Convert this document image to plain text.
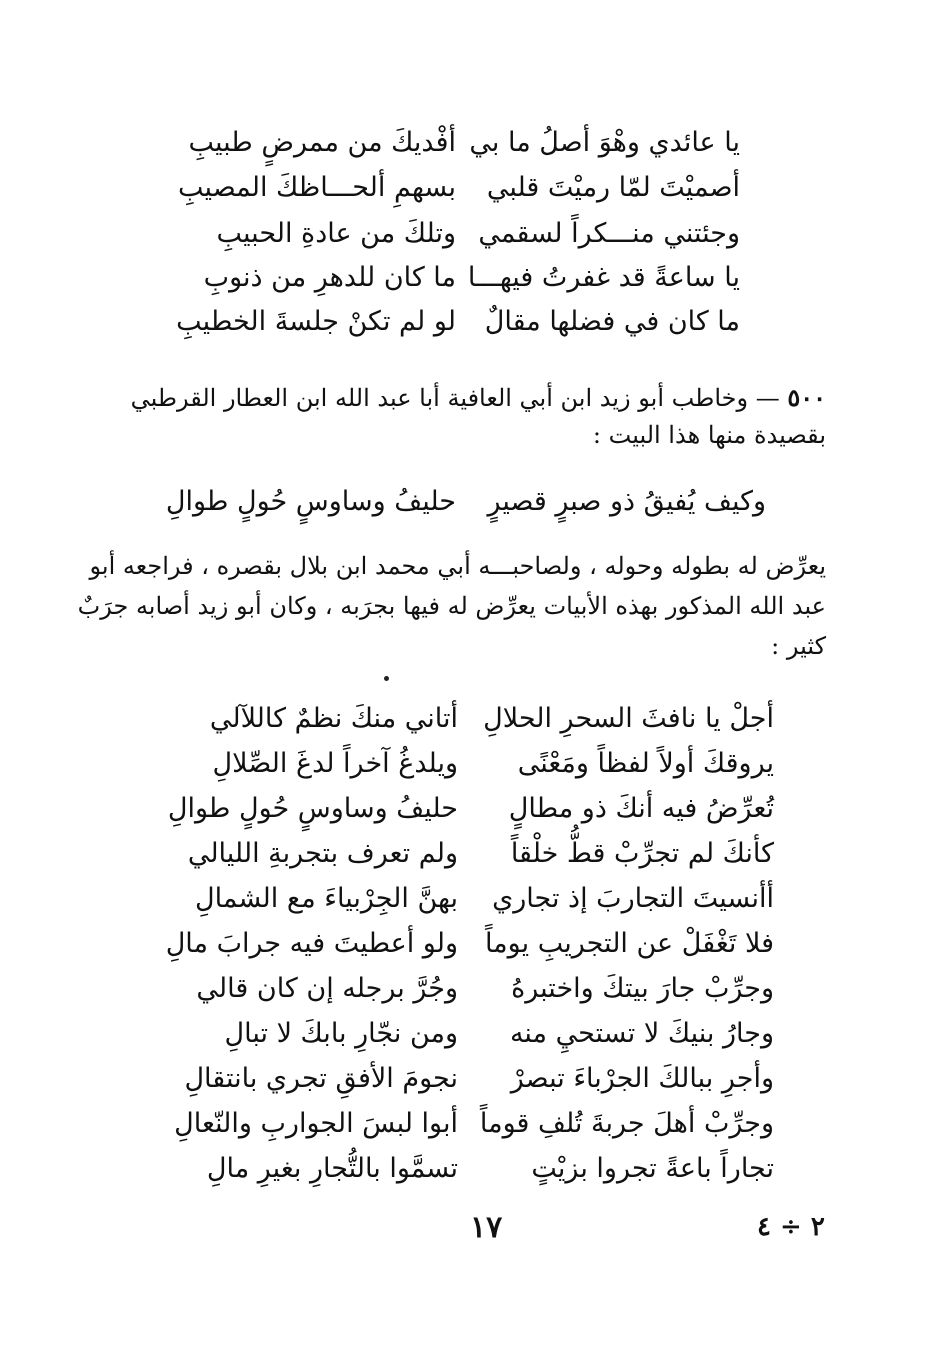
يا عائدي وهْوَ أصلُ ما بي
أفْديكَ من ممرضٍ طبيبِ
أصميْتَ لمّا رميْتَ قلبي
بسهمِ ألحـــاظكَ المصيبِ
وجئتني منـــكراً لسقمي
وتلكَ من عادةِ الحبيبِ
يا ساعةً قد غفرتُ فيهـــا
ما كان للدهرِ من ذنوبِ
ما كان في فضلها مقالٌ
لو لم تكنْ جلسةَ الخطيبِ
٥٠٠ — وخاطب أبو زيد ابن أبي العافية أبا عبد الله ابن العطار القرطبي
بقصيدة منها هذا البيت :
وكيف يُفيقُ ذو صبرٍ قصيرٍ
حليفُ وساوسٍ حُولٍ طوالِ
يعرِّض له بطوله وحوله ، ولصاحبـــه أبي محمد ابن بلال بقصره ، فراجعه أبو
عبد الله المذكور بهذه الأبيات يعرِّض له فيها بجرَبه ، وكان أبو زيد أصابه جرَبٌ
كثير :
أجلْ يا نافثَ السحرِ الحلالِ
أتاني منكَ نظمٌ كاللآلي
يروقكَ أولاً لفظاً ومَعْنًى
ويلدغُ آخراً لدغَ الصِّلالِ
تُعرِّضُ فيه أنكَ ذو مطالٍ
حليفُ وساوسٍ حُولٍ طوالِ
كأنكَ لم تجرِّبْ قطُّ خلْقاً
ولم تعرف بتجربةِ الليالي
أأنسيتَ التجاربَ إذ تجاري
بهنَّ الجِرْبياءَ مع الشمالِ
فلا تَغْفَلْ عن التجريبِ يوماً
ولو أعطيتَ فيه جرابَ مالِ
وجرِّبْ جارَ بيتكَ واختبرهُ
وجُرَّ برجله إن كان قالي
وجارُ بنيكَ لا تستحيِ منه
ومن نجّارِ بابكَ لا تبالِ
وأجرِ ببالكَ الجرْباءَ تبصرْ
نجومَ الأفقِ تجري بانتقالِ
وجرِّبْ أهلَ جربةَ تُلفِ قوماً
أبوا لبسَ الجواربِ والنّعالِ
تجاراً باعةً تجروا بزيْتٍ
تسمَّوا بالتُّجارِ بغيرِ مالِ
١٧	٢ ÷ ٤
